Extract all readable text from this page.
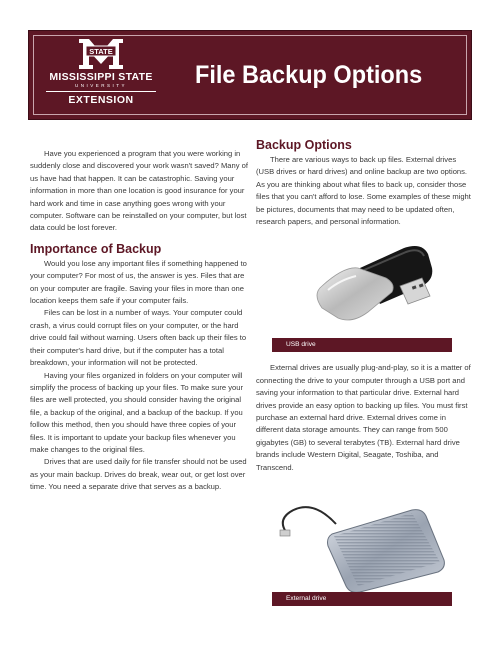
STATE
MISSISSIPPI STATE
UNIVERSITY
EXTENSION
File Backup Options

Have you experienced a program that you were working in suddenly close and discovered your work wasn't saved? Many of us have had that happen. It can be catastrophic. Saving your information in more than one location is good insurance for your hard work and time in case anything goes wrong with your computer. Software can be reinstalled on your computer, but lost data could be lost forever.

Importance of Backup

Would you lose any important files if something happened to your computer? For most of us, the answer is yes. Files that are on your computer are fragile. Saving your files in more than one location keeps them safe if your computer fails.

Files can be lost in a number of ways. Your computer could crash, a virus could corrupt files on your computer, or the hard drive could fail without warning. Users often back up their files to their computer's hard drive, but if the computer has a total breakdown, your information will not be protected.

Having your files organized in folders on your computer will simplify the process of backing up your files. To make sure your files are well protected, you should consider having the original file, a backup of the original, and a backup of the backup. If you follow this method, then you should have three copies of your files. It is important to update your backup files whenever you make changes to the original files.

Drives that are used daily for file transfer should not be used as your main backup. Drives do break, wear out, or get lost over time. You need a separate drive that serves as a backup.

Backup Options

There are various ways to back up files. External drives (USB drives or hard drives) and online backup are two options. As you are thinking about what files to back up, consider those files that you can't afford to lose. Some examples of these might be pictures, documents that may need to be updated often, research papers, and personal information.

USB drive

External drives are usually plug-and-play, so it is a matter of connecting the drive to your computer through a USB port and saving your information to that particular drive. External hard drives provide an easy option to backing up files. You must first purchase an external hard drive. External drives come in different data storage amounts. They can range from 500 gigabytes (GB) to several terabytes (TB). External hard drive brands include Western Digital, Seagate, Toshiba, and Transcend.

External drive
